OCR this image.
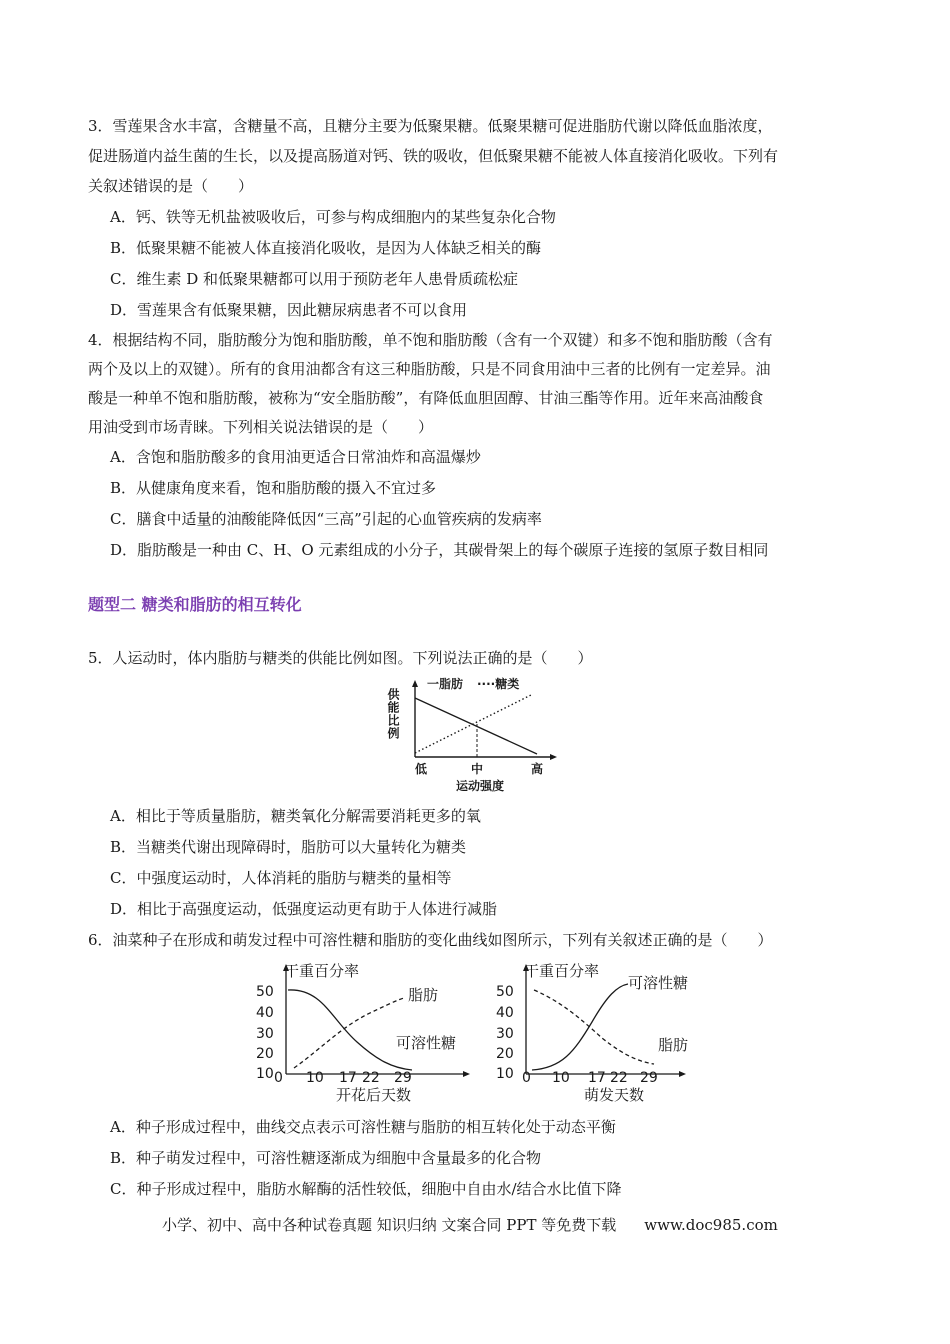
3．雪莲果含水丰富，含糖量不高，且糖分主要为低聚果糖。低聚果糖可促进脂肪代谢以降低血脂浓度，
促进肠道内益生菌的生长，以及提高肠道对钙、铁的吸收，但低聚果糖不能被人体直接消化吸收。下列有
关叙述错误的是（　　）
A．钙、铁等无机盐被吸收后，可参与构成细胞内的某些复杂化合物
B．低聚果糖不能被人体直接消化吸收，是因为人体缺乏相关的酶
C．维生素 D 和低聚果糖都可以用于预防老年人患骨质疏松症
D．雪莲果含有低聚果糖，因此糖尿病患者不可以食用
4．根据结构不同，脂肪酸分为饱和脂肪酸，单不饱和脂肪酸（含有一个双键）和多不饱和脂肪酸（含有
两个及以上的双键）。所有的食用油都含有这三种脂肪酸，只是不同食用油中三者的比例有一定差异。油
酸是一种单不饱和脂肪酸，被称为“安全脂肪酸”，有降低血胆固醇、甘油三酯等作用。近年来高油酸食
用油受到市场青睐。下列相关说法错误的是（　　）
A．含饱和脂肪酸多的食用油更适合日常油炸和高温爆炒
B．从健康角度来看，饱和脂肪酸的摄入不宜过多
C．膳食中适量的油酸能降低因“三高”引起的心血管疾病的发病率
D．脂肪酸是一种由 C、H、O 元素组成的小分子，其碳骨架上的每个碳原子连接的氢原子数目相同
题型二 糖类和脂肪的相互转化
5．人运动时，体内脂肪与糖类的供能比例如图。下列说法正确的是（　　）
供能比例
一脂肪 ····糖类
低	中	高
运动强度
A．相比于等质量脂肪，糖类氧化分解需要消耗更多的氧
B．当糖类代谢出现障碍时，脂肪可以大量转化为糖类
C．中强度运动时，人体消耗的脂肪与糖类的量相等
D．相比于高强度运动，低强度运动更有助于人体进行减脂
6．油菜种子在形成和萌发过程中可溶性糖和脂肪的变化曲线如图所示，下列有关叙述正确的是（　　）
干重百分率
50
40
30
20
10 0 10 17 22 29
开花后天数
脂肪
可溶性糖
干重百分率
50
40
30
20
10 0 10 17 22 29
萌发天数
可溶性糖
脂肪
A．种子形成过程中，曲线交点表示可溶性糖与脂肪的相互转化处于动态平衡
B．种子萌发过程中，可溶性糖逐渐成为细胞中含量最多的化合物
C．种子形成过程中，脂肪水解酶的活性较低，细胞中自由水/结合水比值下降
小学、初中、高中各种试卷真题 知识归纳 文案合同 PPT 等免费下载 www.doc985.com
